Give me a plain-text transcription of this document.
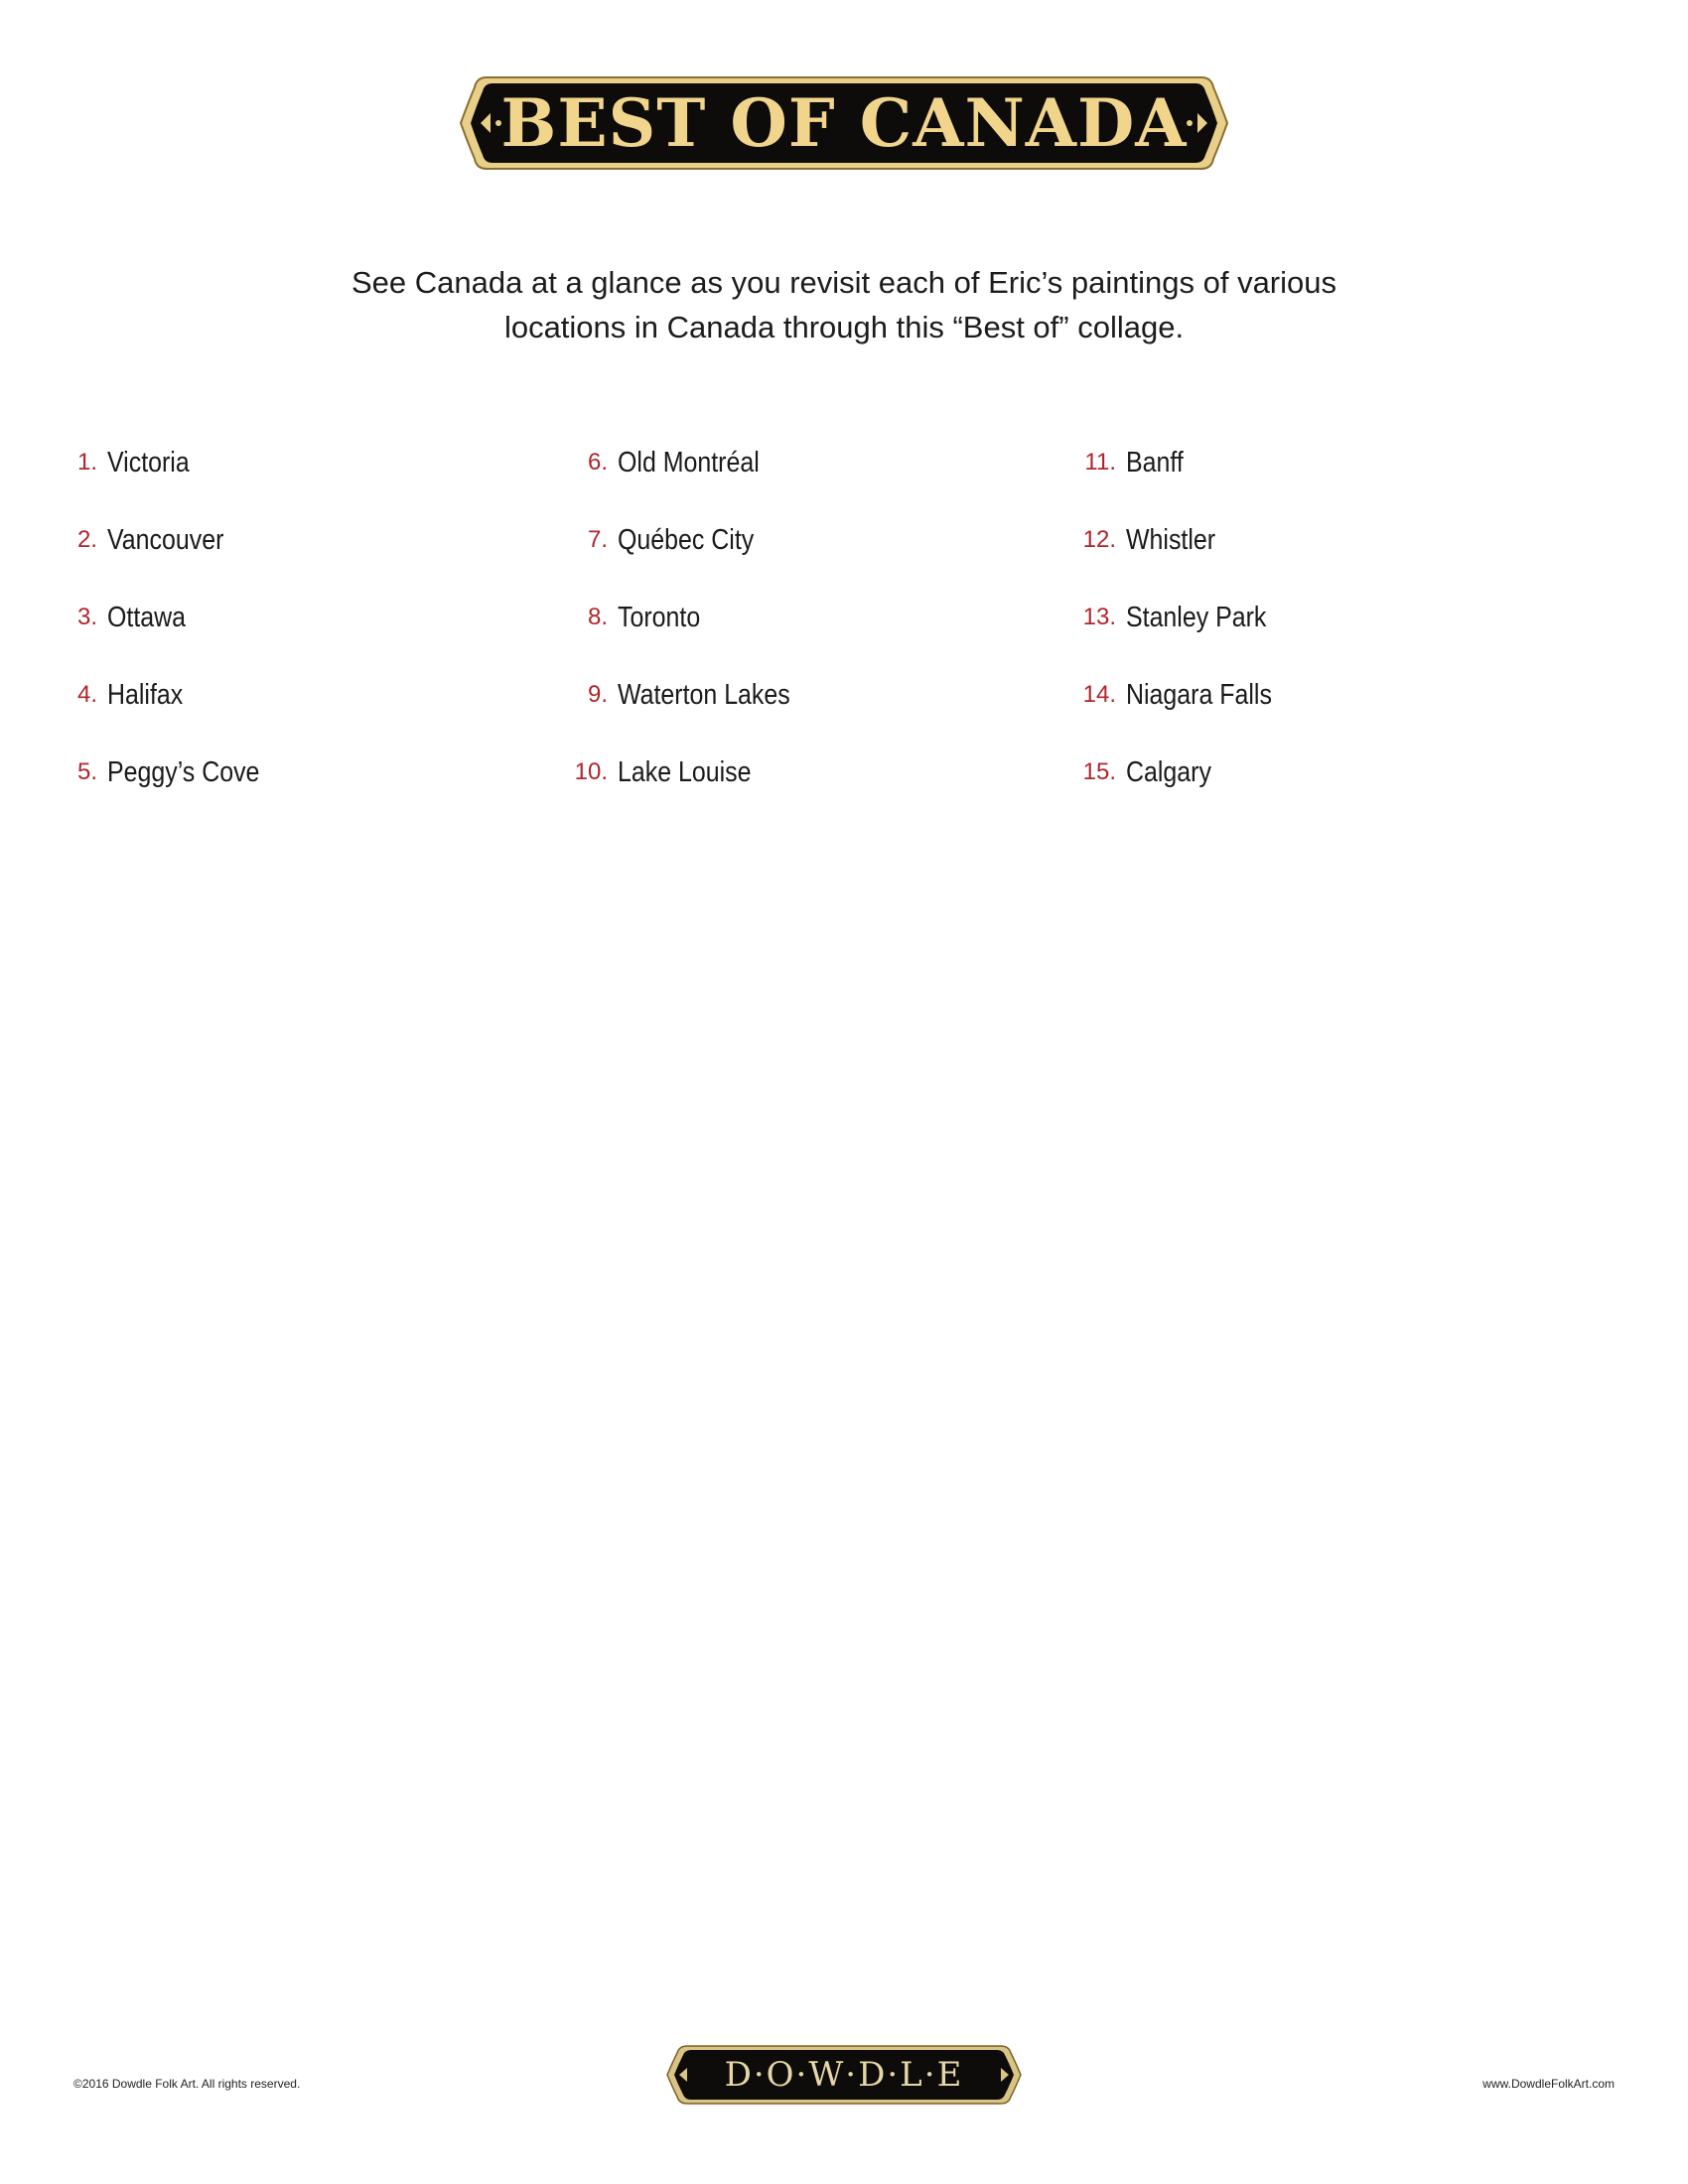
BEST OF CANADA
See Canada at a glance as you revisit each of Eric’s paintings of various
locations in Canada through this “Best of” collage.
1. Victoria
2. Vancouver
3. Ottawa
4. Halifax
5. Peggy’s Cove
6. Old Montréal
7. Québec City
8. Toronto
9. Waterton Lakes
10. Lake Louise
11. Banff
12. Whistler
13. Stanley Park
14. Niagara Falls
15. Calgary
©2016 Dowdle Folk Art. All rights reserved.	D·O·W·D·L·E	www.DowdleFolkArt.com
